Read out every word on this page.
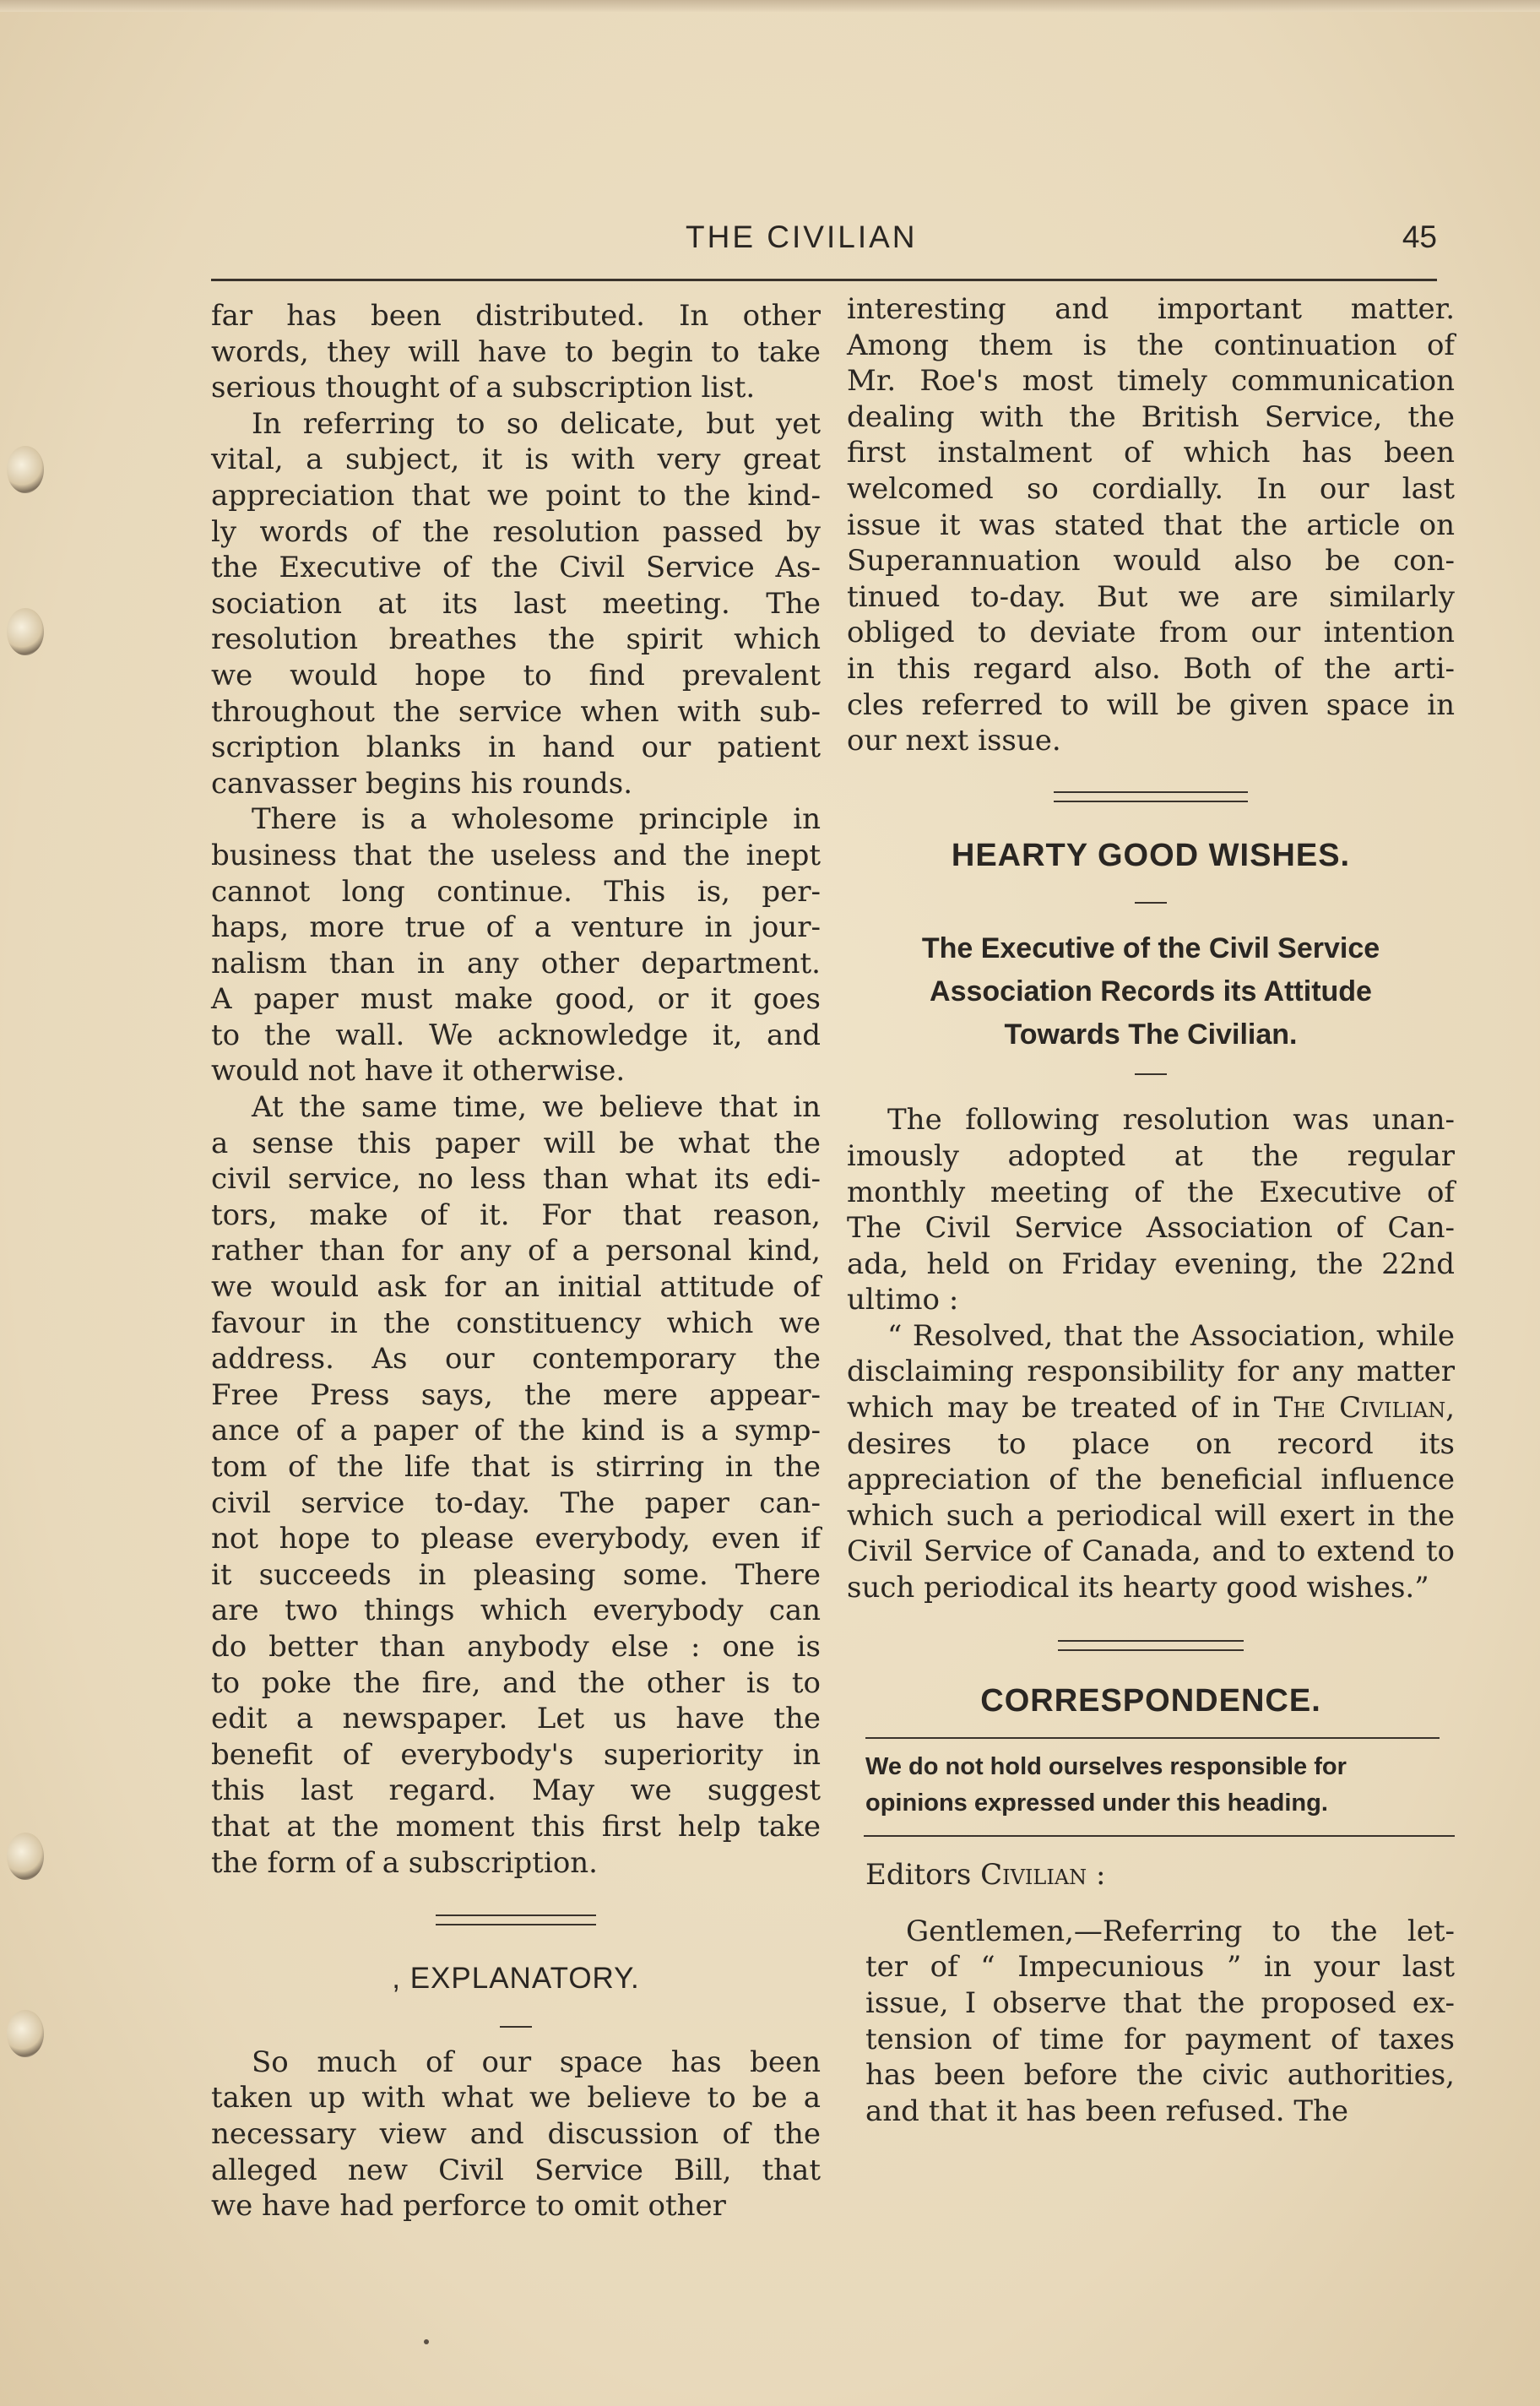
THE CIVILIAN	45

far has been distributed. In other
words, they will have to begin to take
serious thought of a subscription list.

In referring to so delicate, but yet
vital, a subject, it is with very great
appreciation that we point to the kind-
ly words of the resolution passed by
the Executive of the Civil Service As-
sociation at its last meeting. The
resolution breathes the spirit which
we would hope to find prevalent
throughout the service when with sub-
scription blanks in hand our patient
canvasser begins his rounds.

There is a wholesome principle in
business that the useless and the inept
cannot long continue. This is, per-
haps, more true of a venture in jour-
nalism than in any other department.
A paper must make good, or it goes
to the wall. We acknowledge it, and
would not have it otherwise.

At the same time, we believe that in
a sense this paper will be what the
civil service, no less than what its edi-
tors, make of it. For that reason,
rather than for any of a personal kind,
we would ask for an initial attitude of
favour in the constituency which we
address. As our contemporary the
Free Press says, the mere appear-
ance of a paper of the kind is a symp-
tom of the life that is stirring in the
civil service to-day. The paper can-
not hope to please everybody, even if
it succeeds in pleasing some. There
are two things which everybody can
do better than anybody else : one is
to poke the fire, and the other is to
edit a newspaper. Let us have the
benefit of everybody's superiority in
this last regard. May we suggest
that at the moment this first help take
the form of a subscription.

, EXPLANATORY.

So much of our space has been
taken up with what we believe to be a
necessary view and discussion of the
alleged new Civil Service Bill, that
we have had perforce to omit other

interesting and important matter.
Among them is the continuation of
Mr. Roe's most timely communication
dealing with the British Service, the
first instalment of which has been
welcomed so cordially. In our last
issue it was stated that the article on
Superannuation would also be con-
tinued to-day. But we are similarly
obliged to deviate from our intention
in this regard also. Both of the arti-
cles referred to will be given space in
our next issue.

HEARTY GOOD WISHES.
The Executive of the Civil Service
Association Records its Attitude
Towards The Civilian.

The following resolution was unan-
imously adopted at the regular
monthly meeting of the Executive of
The Civil Service Association of Can-
ada, held on Friday evening, the 22nd
ultimo :

“ Resolved, that the Association, while disclaiming responsibility for any matter which may be treated of in The Civilian, desires to place on record its appreciation of the beneficial influence which such a periodical will exert in the Civil Service of Canada, and to extend to such periodical its hearty good wishes.”

CORRESPONDENCE.
We do not hold ourselves responsible for
opinions expressed under this heading.

Editors Civilian :

Gentlemen,—Referring to the let-
ter of “ Impecunious ” in your last
issue, I observe that the proposed ex-
tension of time for payment of taxes
has been before the civic authorities,
and that it has been refused. The
